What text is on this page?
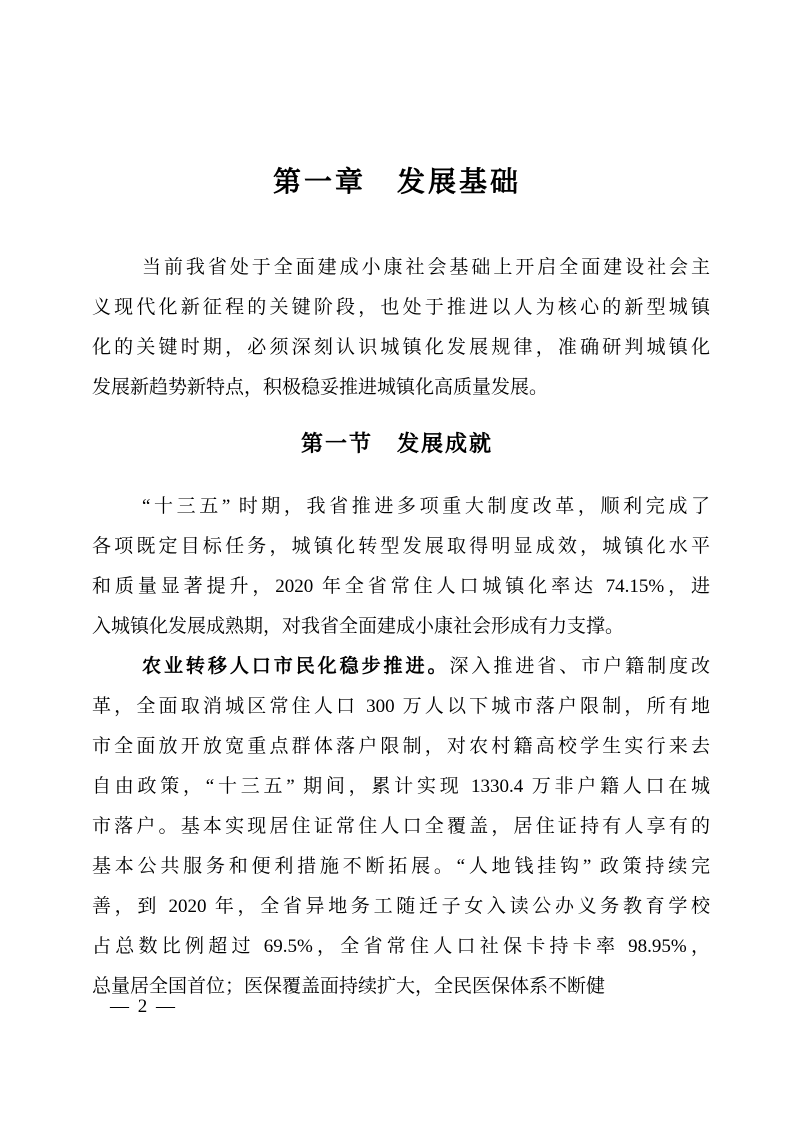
第一章　发展基础
当前我省处于全面建成小康社会基础上开启全面建设社会主
义现代化新征程的关键阶段，也处于推进以人为核心的新型城镇
化的关键时期，必须深刻认识城镇化发展规律，准确研判城镇化
发展新趋势新特点，积极稳妥推进城镇化高质量发展。
第一节　发展成就
“十三五” 时期，我省推进多项重大制度改革，顺利完成了
各项既定目标任务，城镇化转型发展取得明显成效，城镇化水平
和质量显著提升，2020 年全省常住人口城镇化率达 74.15%，进
入城镇化发展成熟期，对我省全面建成小康社会形成有力支撑。
农业转移人口市民化稳步推进。深入推进省、市户籍制度改
革，全面取消城区常住人口 300 万人以下城市落户限制，所有地
市全面放开放宽重点群体落户限制，对农村籍高校学生实行来去
自由政策，“十三五” 期间，累计实现 1330.4 万非户籍人口在城
市落户。基本实现居住证常住人口全覆盖，居住证持有人享有的
基本公共服务和便利措施不断拓展。“人地钱挂钩” 政策持续完
善，到 2020 年，全省异地务工随迁子女入读公办义务教育学校
占总数比例超过 69.5%，全省常住人口社保卡持卡率 98.95%，
总量居全国首位；医保覆盖面持续扩大，全民医保体系不断健
— 2 —
